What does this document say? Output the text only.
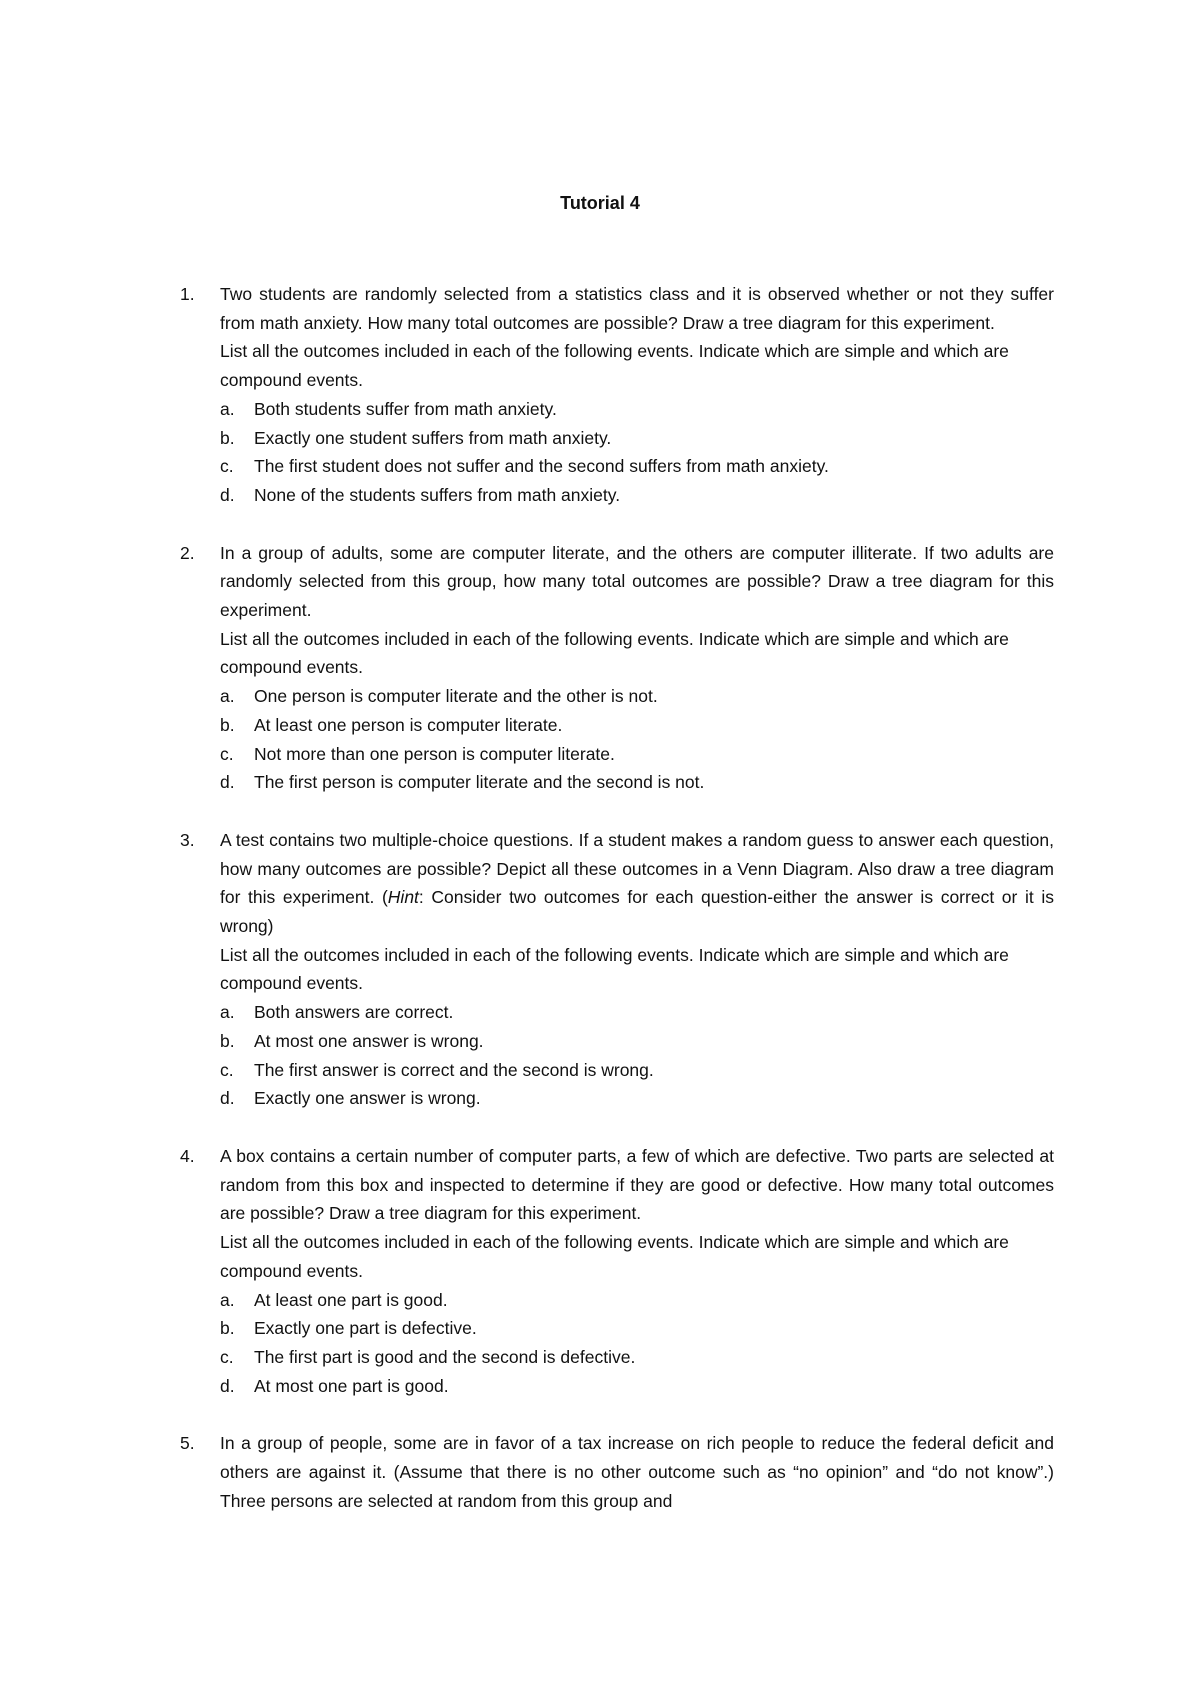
Tutorial 4
1. Two students are randomly selected from a statistics class and it is observed whether or not they suffer from math anxiety. How many total outcomes are possible? Draw a tree diagram for this experiment.

List all the outcomes included in each of the following events. Indicate which are simple and which are compound events.

a. Both students suffer from math anxiety.
b. Exactly one student suffers from math anxiety.
c. The first student does not suffer and the second suffers from math anxiety.
d. None of the students suffers from math anxiety.
2. In a group of adults, some are computer literate, and the others are computer illiterate. If two adults are randomly selected from this group, how many total outcomes are possible? Draw a tree diagram for this experiment.

List all the outcomes included in each of the following events. Indicate which are simple and which are compound events.

a. One person is computer literate and the other is not.
b. At least one person is computer literate.
c. Not more than one person is computer literate.
d. The first person is computer literate and the second is not.
3. A test contains two multiple-choice questions. If a student makes a random guess to answer each question, how many outcomes are possible? Depict all these outcomes in a Venn Diagram. Also draw a tree diagram for this experiment. (Hint: Consider two outcomes for each question-either the answer is correct or it is wrong)

List all the outcomes included in each of the following events. Indicate which are simple and which are compound events.

a. Both answers are correct.
b. At most one answer is wrong.
c. The first answer is correct and the second is wrong.
d. Exactly one answer is wrong.
4. A box contains a certain number of computer parts, a few of which are defective. Two parts are selected at random from this box and inspected to determine if they are good or defective. How many total outcomes are possible? Draw a tree diagram for this experiment.

List all the outcomes included in each of the following events. Indicate which are simple and which are compound events.

a. At least one part is good.
b. Exactly one part is defective.
c. The first part is good and the second is defective.
d. At most one part is good.
5. In a group of people, some are in favor of a tax increase on rich people to reduce the federal deficit and others are against it. (Assume that there is no other outcome such as “no opinion” and “do not know”.) Three persons are selected at random from this group and
